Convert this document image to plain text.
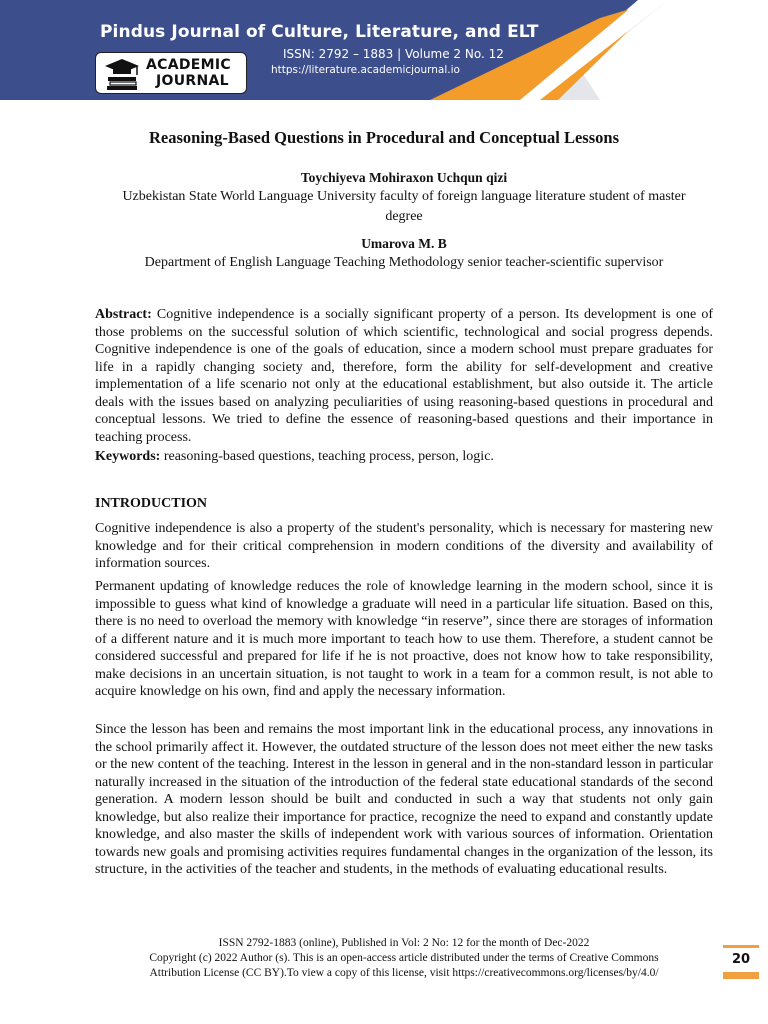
Pindus Journal of Culture, Literature, and ELT
ISSN: 2792 – 1883 | Volume 2 No. 12
https://literature.academicjournal.io
ACADEMIC
JOURNAL
Reasoning-Based Questions in Procedural and Conceptual Lessons
Toychiyeva Mohiraxon Uchqun qizi
Uzbekistan State World Language University faculty of foreign language literature student of master degree
Umarova M. B
Department of English Language Teaching Methodology senior teacher-scientific supervisor

Abstract: Cognitive independence is a socially significant property of a person. Its development is one of those problems on the successful solution of which scientific, technological and social progress depends. Cognitive independence is one of the goals of education, since a modern school must prepare graduates for life in a rapidly changing society and, therefore, form the ability for self-development and creative implementation of a life scenario not only at the educational establishment, but also outside it. The article deals with the issues based on analyzing peculiarities of using reasoning-based questions in procedural and conceptual lessons. We tried to define the essence of reasoning-based questions and their importance in teaching process.

Keywords: reasoning-based questions, teaching process, person, logic.

INTRODUCTION

Cognitive independence is also a property of the student's personality, which is necessary for mastering new knowledge and for their critical comprehension in modern conditions of the diversity and availability of information sources.

Permanent updating of knowledge reduces the role of knowledge learning in the modern school, since it is impossible to guess what kind of knowledge a graduate will need in a particular life situation. Based on this, there is no need to overload the memory with knowledge “in reserve”, since there are storages of information of a different nature and it is much more important to teach how to use them. Therefore, a student cannot be considered successful and prepared for life if he is not proactive, does not know how to take responsibility, make decisions in an uncertain situation, is not taught to work in a team for a common result, is not able to acquire knowledge on his own, find and apply the necessary information.

Since the lesson has been and remains the most important link in the educational process, any innovations in the school primarily affect it. However, the outdated structure of the lesson does not meet either the new tasks or the new content of the teaching. Interest in the lesson in general and in the non-standard lesson in particular naturally increased in the situation of the introduction of the federal state educational standards of the second generation. A modern lesson should be built and conducted in such a way that students not only gain knowledge, but also realize their importance for practice, recognize the need to expand and constantly update knowledge, and also master the skills of independent work with various sources of information. Orientation towards new goals and promising activities requires fundamental changes in the organization of the lesson, its structure, in the activities of the teacher and students, in the methods of evaluating educational results.

ISSN 2792-1883 (online), Published in Vol: 2 No: 12 for the month of Dec-2022

Copyright (c) 2022 Author (s). This is an open-access article distributed under the terms of Creative Commons

Attribution License (CC BY).To view a copy of this license, visit https://creativecommons.org/licenses/by/4.0/

20
